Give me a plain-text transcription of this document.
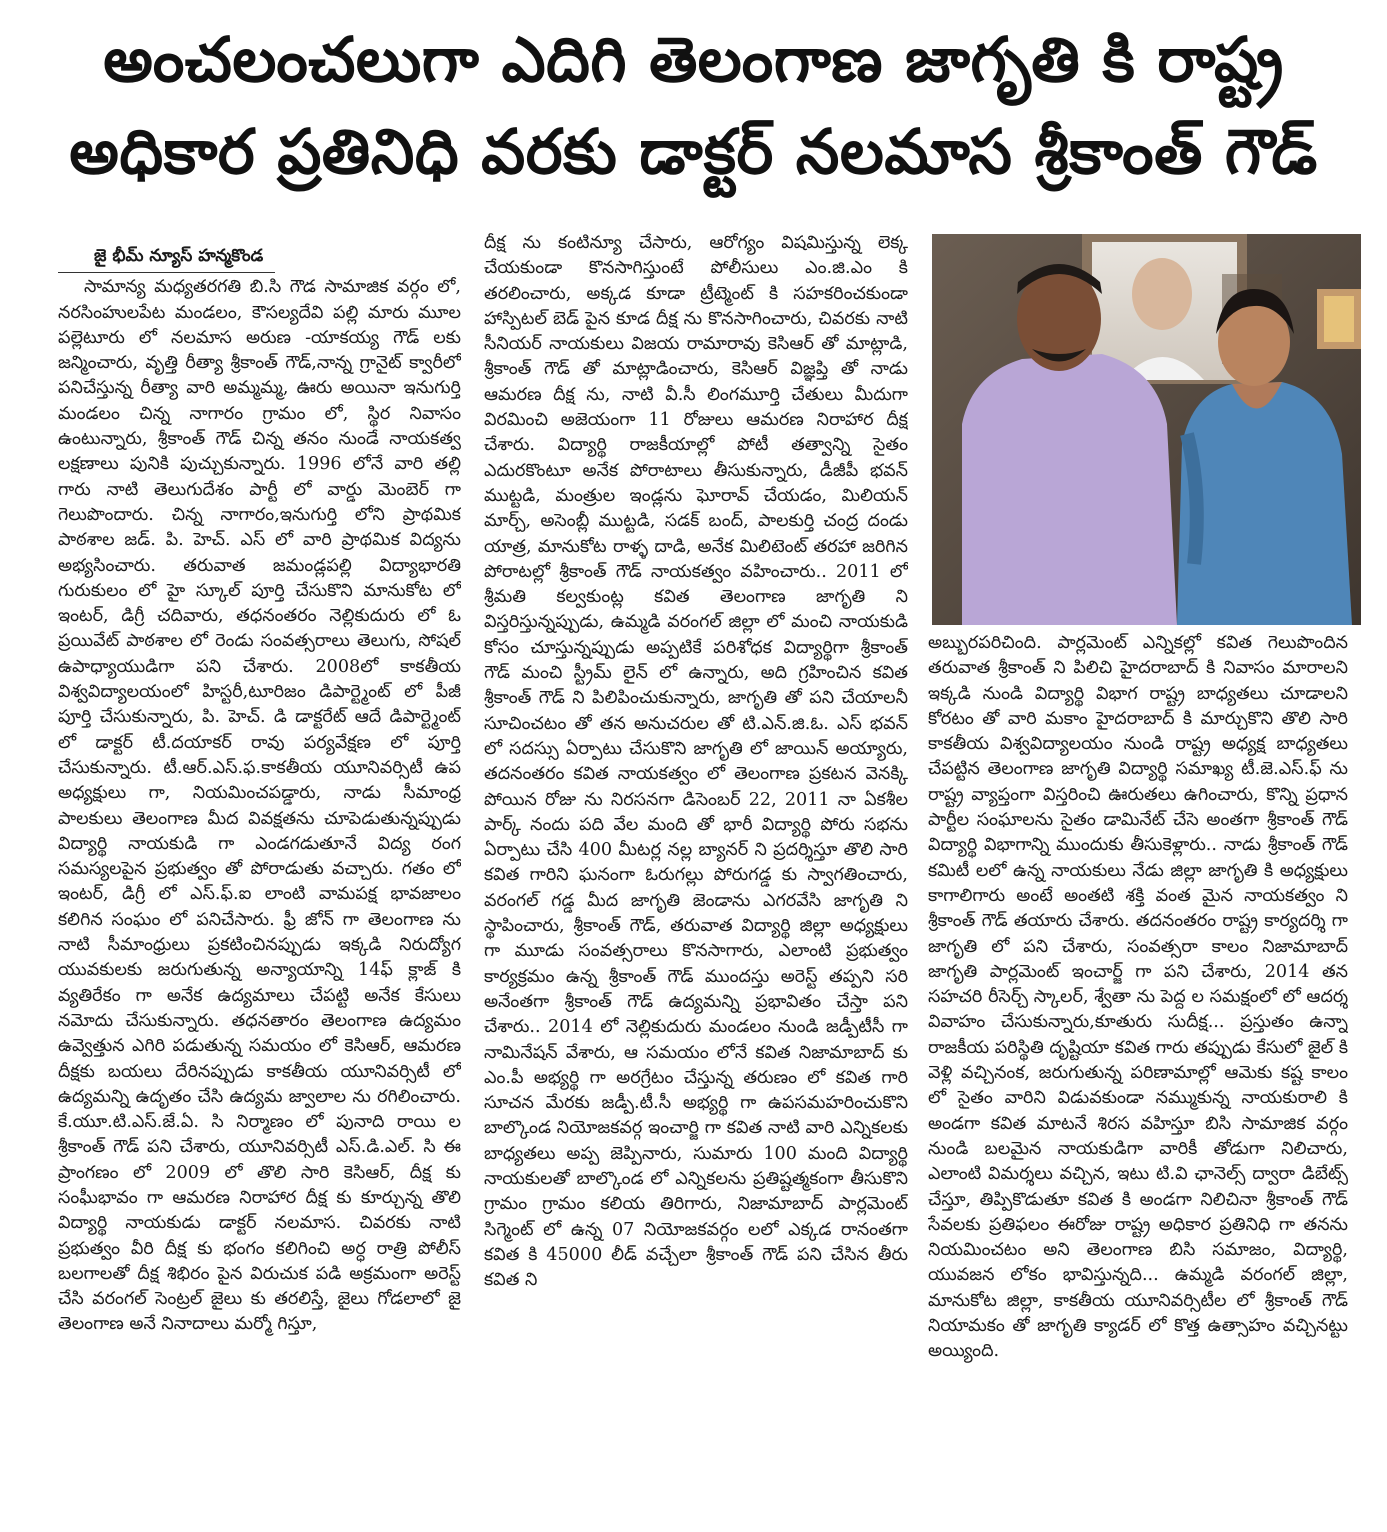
అంచలంచలుగా ఎదిగి తెలంగాణ జాగృతి కి రాష్ట్ర
అధికార ప్రతినిధి వరకు డాక్టర్ నలమాస శ్రీకాంత్ గౌడ్
జై భీమ్ న్యూస్ హన్మకొండ

సామాన్య మధ్యతరగతి బి.సి గౌడ సామాజిక వర్గం లో, నరసింహులపేట మండలం, కౌసల్యదేవి పల్లి మారు మూల పల్లెటూరు లో నలమాస అరుణ -యాకయ్య గౌడ్ లకు జన్మించారు, వృత్తి రీత్యా శ్రీకాంత్ గౌడ్,నాన్న గ్రానైట్ క్వారీలో పనిచేస్తున్న రీత్యా వారి అమ్మమ్మ, ఊరు అయినా ఇనుగుర్తి మండలం చిన్న నాగారం గ్రామం లో, స్థిర నివాసం ఉంటున్నారు, శ్రీకాంత్ గౌడ్ చిన్న తనం నుండే నాయకత్వ లక్షణాలు పునికి పుచ్చుకున్నారు. 1996 లోనే వారి తల్లి గారు నాటి తెలుగుదేశం పార్టీ లో వార్డు మెంబెర్ గా గెలుపొందారు. చిన్న నాగారం,ఇనుగుర్తి లోని ప్రాథమిక పాఠశాల జడ్. పి. హెచ్. ఎస్ లో వారి ప్రాథమిక విద్యను అభ్యసించారు. తరువాత జమండ్లపల్లి విద్యాభారతి గురుకులం లో హై స్కూల్ పూర్తి చేసుకొని మానుకోట లో ఇంటర్, డిగ్రీ చదివారు, తధనంతరం నెల్లికుదురు లో ఓ ప్రయివేట్ పాఠశాల లో రెండు సంవత్సరాలు తెలుగు, సోషల్ ఉపాధ్యాయుడిగా పని చేశారు. 2008లో కాకతీయ విశ్వవిద్యాలయంలో హిస్టరీ,టూరిజం డిపార్ట్మెంట్ లో పీజీ పూర్తి చేసుకున్నారు, పి. హెచ్. డి డాక్టరేట్ ఆదే డిపార్ట్మెంట్ లో డాక్టర్ టీ.దయాకర్ రావు పర్యవేక్షణ లో పూర్తి చేసుకున్నారు. టీ.ఆర్.ఎస్.ఫ.కాకతీయ యూనివర్సిటీ ఉప అధ్యక్షులు గా, నియమించపడ్డారు, నాడు సీమాంధ్ర పాలకులు తెలంగాణ మీద వివక్షతను చూపెడుతున్నప్పుడు విద్యార్థి నాయకుడి గా ఎండగడుతూనే విద్య రంగ సమస్యలపైన ప్రభుత్వం తో పోరాడుతు వచ్చారు. గతం లో ఇంటర్, డిగ్రీ లో ఎస్.ఫ్.ఐ లాంటి వామపక్ష భావజాలం కలిగిన సంఘం లో పనిచేసారు. ఫ్రీ జోన్ గా తెలంగాణ ను నాటి సీమాంధ్రులు ప్రకటించినప్పుడు ఇక్కడి నిరుద్యోగ యువకులకు జరుగుతున్న అన్యాయాన్ని 14ఫ్ క్లాజ్ కి వ్యతిరేకం గా అనేక ఉద్యమాలు చేపట్టి అనేక కేసులు నమోదు చేసుకున్నారు. తధనతారం తెలంగాణ ఉద్యమం ఉవ్వెత్తున ఎగిరి పడుతున్న సమయం లో కెసిఆర్, ఆమరణ దీక్షకు బయలు దేరినప్పుడు కాకతీయ యూనివర్సిటీ లో ఉద్యమన్ని ఉదృతం చేసి ఉద్యమ జ్వాలాల ను రగిలించారు. కే.యూ.టి.ఎస్.జే.ఏ. సి నిర్మాణం లో పునాది రాయి ల శ్రీకాంత్ గౌడ్ పని చేశారు, యూనివర్సిటీ ఎస్.డి.ఎల్. సి ఈ ప్రాంగణం లో 2009 లో తొలి సారి కెసిఆర్, దీక్ష కు సంఘీభావం గా ఆమరణ నిరాహార దీక్ష కు కూర్చున్న తొలి విద్యార్థి నాయకుడు డాక్టర్ నలమాస. చివరకు నాటి ప్రభుత్వం వీరి దీక్ష కు భంగం కలిగించి అర్ధ రాత్రి పోలీస్ బలగాలతో దీక్ష శిభిరం పైన విరుచుక పడి అక్రమంగా అరెస్ట్ చేసి వరంగల్ సెంట్రల్ జైలు కు తరలిస్తే, జైలు గోడలాలో జై తెలంగాణ అనే నినాదాలు మర్మో గిస్తూ,

దీక్ష ను కంటిన్యూ చేసారు, ఆరోగ్యం విషమిస్తున్న లెక్క చేయకుండా కొనసాగిస్తుంటే పోలీసులు ఎం.జి.ఎం కి తరలించారు, అక్కడ కూడా ట్రీట్మెంట్ కి సహకరించకుండా హాస్పిటల్ బెడ్ పైన కూడ దీక్ష ను కొనసాగించారు, చివరకు నాటి సీనియర్ నాయకులు విజయ రామారావు కెసిఆర్ తో మాట్లాడి, శ్రీకాంత్ గౌడ్ తో మాట్లాడించారు, కెసిఆర్ విజ్ఞప్తి తో నాడు ఆమరణ దీక్ష ను, నాటి వీ.సీ లింగమూర్తి చేతులు మీదుగా విరమించి అజెయంగా 11 రోజులు ఆమరణ నిరాహార దీక్ష చేశారు. విద్యార్థి రాజకీయాల్లో పోటీ తత్వాన్ని సైతం ఎదురకొంటూ అనేక పోరాటాలు తీసుకున్నారు, డీజీపీ భవన్ ముట్టడి, మంత్రుల ఇండ్లను ఘోరావ్ చేయడం, మిలియన్ మార్చ్, అసెంబ్లీ ముట్టడి, సడక్ బంద్, పాలకుర్తి చంద్ర దండు యాత్ర, మానుకోట రాళ్ళ దాడి, అనేక మిలిటెంట్ తరహా జరిగిన పోరాటల్లో శ్రీకాంత్ గౌడ్ నాయకత్వం వహించారు.. 2011 లో శ్రీమతి కల్వకుంట్ల కవిత తెలంగాణ జాగృతి ని విస్తరిస్తున్నప్పుడు, ఉమ్మడి వరంగల్ జిల్లా లో మంచి నాయకుడి కోసం చూస్తున్నప్పుడు అప్పటికే పరిశోధక విద్యార్థిగా శ్రీకాంత్ గౌడ్ మంచి స్ట్రీమ్ లైన్ లో ఉన్నారు, అది గ్రహించిన కవిత శ్రీకాంత్ గౌడ్ ని పిలిపించుకున్నారు, జాగృతి తో పని చేయాలనీ సూచించటం తో తన అనుచరుల తో టి.ఎన్.జి.ఓ. ఎస్ భవన్ లో సదస్సు ఏర్పాటు చేసుకొని జాగృతి లో జాయిన్ అయ్యారు, తదనంతరం కవిత నాయకత్వం లో తెలంగాణ ప్రకటన వెనక్కి పోయిన రోజు ను నిరసనగా డిసెంబర్ 22, 2011 నా ఏకశీల పార్క్ నందు పది వేల మంది తో భారీ విద్యార్థి పోరు సభను ఏర్పాటు చేసి 400 మీటర్ల నల్ల బ్యానర్ ని ప్రదర్శిస్తూ తొలి సారి కవిత గారిని ఘనంగా ఓరుగల్లు పోరుగడ్డ కు స్వాగతించారు, వరంగల్ గడ్డ మీద జాగృతి జెండాను ఎగరవేసి జాగృతి ని స్థాపించారు, శ్రీకాంత్ గౌడ్, తరువాత విద్యార్థి జిల్లా అధ్యక్షులు గా మూడు సంవత్సరాలు కొనసాగారు, ఎలాంటి ప్రభుత్వం కార్యక్రమం ఉన్న శ్రీకాంత్ గౌడ్ ముందస్తు అరెస్ట్ తప్పని సరి అనేంతగా శ్రీకాంత్ గౌడ్ ఉద్యమన్ని ప్రభావితం చేస్తా పని చేశారు.. 2014 లో నెల్లికుదురు మండలం నుండి జడ్పీటీసీ గా నామినేషన్ వేశారు, ఆ సమయం లోనే కవిత నిజామాబాద్ కు ఎం.పీ అభ్యర్థి గా అరగ్రేటం చేస్తున్న తరుణం లో కవిత గారి సూచన మేరకు జడ్పీ.టీ.సీ అభ్యర్థి గా ఉపసమహరించుకొని బాల్కొండ నియోజకవర్గ ఇంచార్జి గా కవిత నాటి వారి ఎన్నికలకు బాధ్యతలు అప్ప జెప్పినారు, సుమారు 100 మంది విద్యార్థి నాయకులతో బాల్కొండ లో ఎన్నికలను ప్రతిష్టత్మకంగా తీసుకొని గ్రామం గ్రామం కలియ తిరిగారు, నిజామాబాద్ పార్లమెంట్ సిగ్మెంట్ లో ఉన్న 07 నియోజకవర్గం లలో ఎక్కడ రానంతగా కవిత కి 45000 లీడ్ వచ్చేలా శ్రీకాంత్ గౌడ్ పని చేసిన తీరు కవిత ని

అబ్బురపరిచింది. పార్లమెంట్ ఎన్నికల్లో కవిత గెలుపొందిన తరువాత శ్రీకాంత్ ని పిలిచి హైదరాబాద్ కి నివాసం మారాలని ఇక్కడి నుండి విద్యార్థి విభాగ రాష్ట్ర బాధ్యతలు చూడాలని కోరటం తో వారి మకాం హైదరాబాద్ కి మార్చుకొని తొలి సారి కాకతీయ విశ్వవిద్యాలయం నుండి రాష్ట్ర అధ్యక్ష బాధ్యతలు చేపట్టిన తెలంగాణ జాగృతి విద్యార్థి సమాఖ్య టీ.జె.ఎస్.ఫ్ ను రాష్ట్ర వ్యాప్తంగా విస్తరించి ఊరుతలు ఉగించారు, కొన్ని ప్రధాన పార్టీల సంఘాలను సైతం డామినేట్ చేసె అంతగా శ్రీకాంత్ గౌడ్ విద్యార్థి విభాగాన్ని ముందుకు తీసుకెళ్లారు.. నాడు శ్రీకాంత్ గౌడ్ కమిటీ లలో ఉన్న నాయకులు నేడు జిల్లా జాగృతి కి అధ్యక్షులు కాగాలిగారు అంటే అంతటి శక్తి వంత మైన నాయకత్వం ని శ్రీకాంత్ గౌడ్ తయారు చేశారు. తదనంతరం రాష్ట్ర కార్యదర్శి గా జాగృతి లో పని చేశారు, సంవత్సరా కాలం నిజామాబాద్ జాగృతి పార్లమెంట్ ఇంచార్జ్ గా పని చేశారు, 2014 తన సహచరి రీసెర్చ్ స్కాలర్, శ్వేతా ను పెద్ద ల సమక్షంలో లో ఆదర్శ వివాహం చేసుకున్నారు,కూతురు సుదీక్ష... ప్రస్తుతం ఉన్నా రాజకీయ పరిస్థితి దృష్టియా కవిత గారు తప్పుడు కేసులో జైల్ కి వెళ్లి వచ్చినంక, జరుగుతున్న పరిణామాల్లో ఆమెకు కష్ట కాలం లో సైతం వారిని విడువకుండా నమ్ముకున్న నాయకురాలి కి అండగా కవిత మాటనే శిరస వహిస్తూ బిసి సామాజిక వర్గం నుండి బలమైన నాయకుడిగా వారికీ తోడుగా నిలిచారు, ఎలాంటి విమర్శలు వచ్చిన, ఇటు టి.వి ఛానెల్స్ ద్వారా డిబేట్స్ చేస్తూ, తిప్పికొడుతూ కవిత కి అండగా నిలిచినా శ్రీకాంత్ గౌడ్ సేవలకు ప్రతిఫలం ఈరోజు రాష్ట్ర అధికార ప్రతినిధి గా తనను నియమించటం అని తెలంగాణ బిసి సమాజం, విద్యార్థి, యువజన లోకం భావిస్తున్నది... ఉమ్మడి వరంగల్ జిల్లా, మానుకోట జిల్లా, కాకతీయ యూనివర్సిటీల లో శ్రీకాంత్ గౌడ్ నియామకం తో జాగృతి క్యాడర్ లో కొత్త ఉత్సాహం వచ్చినట్టు అయ్యింది.
